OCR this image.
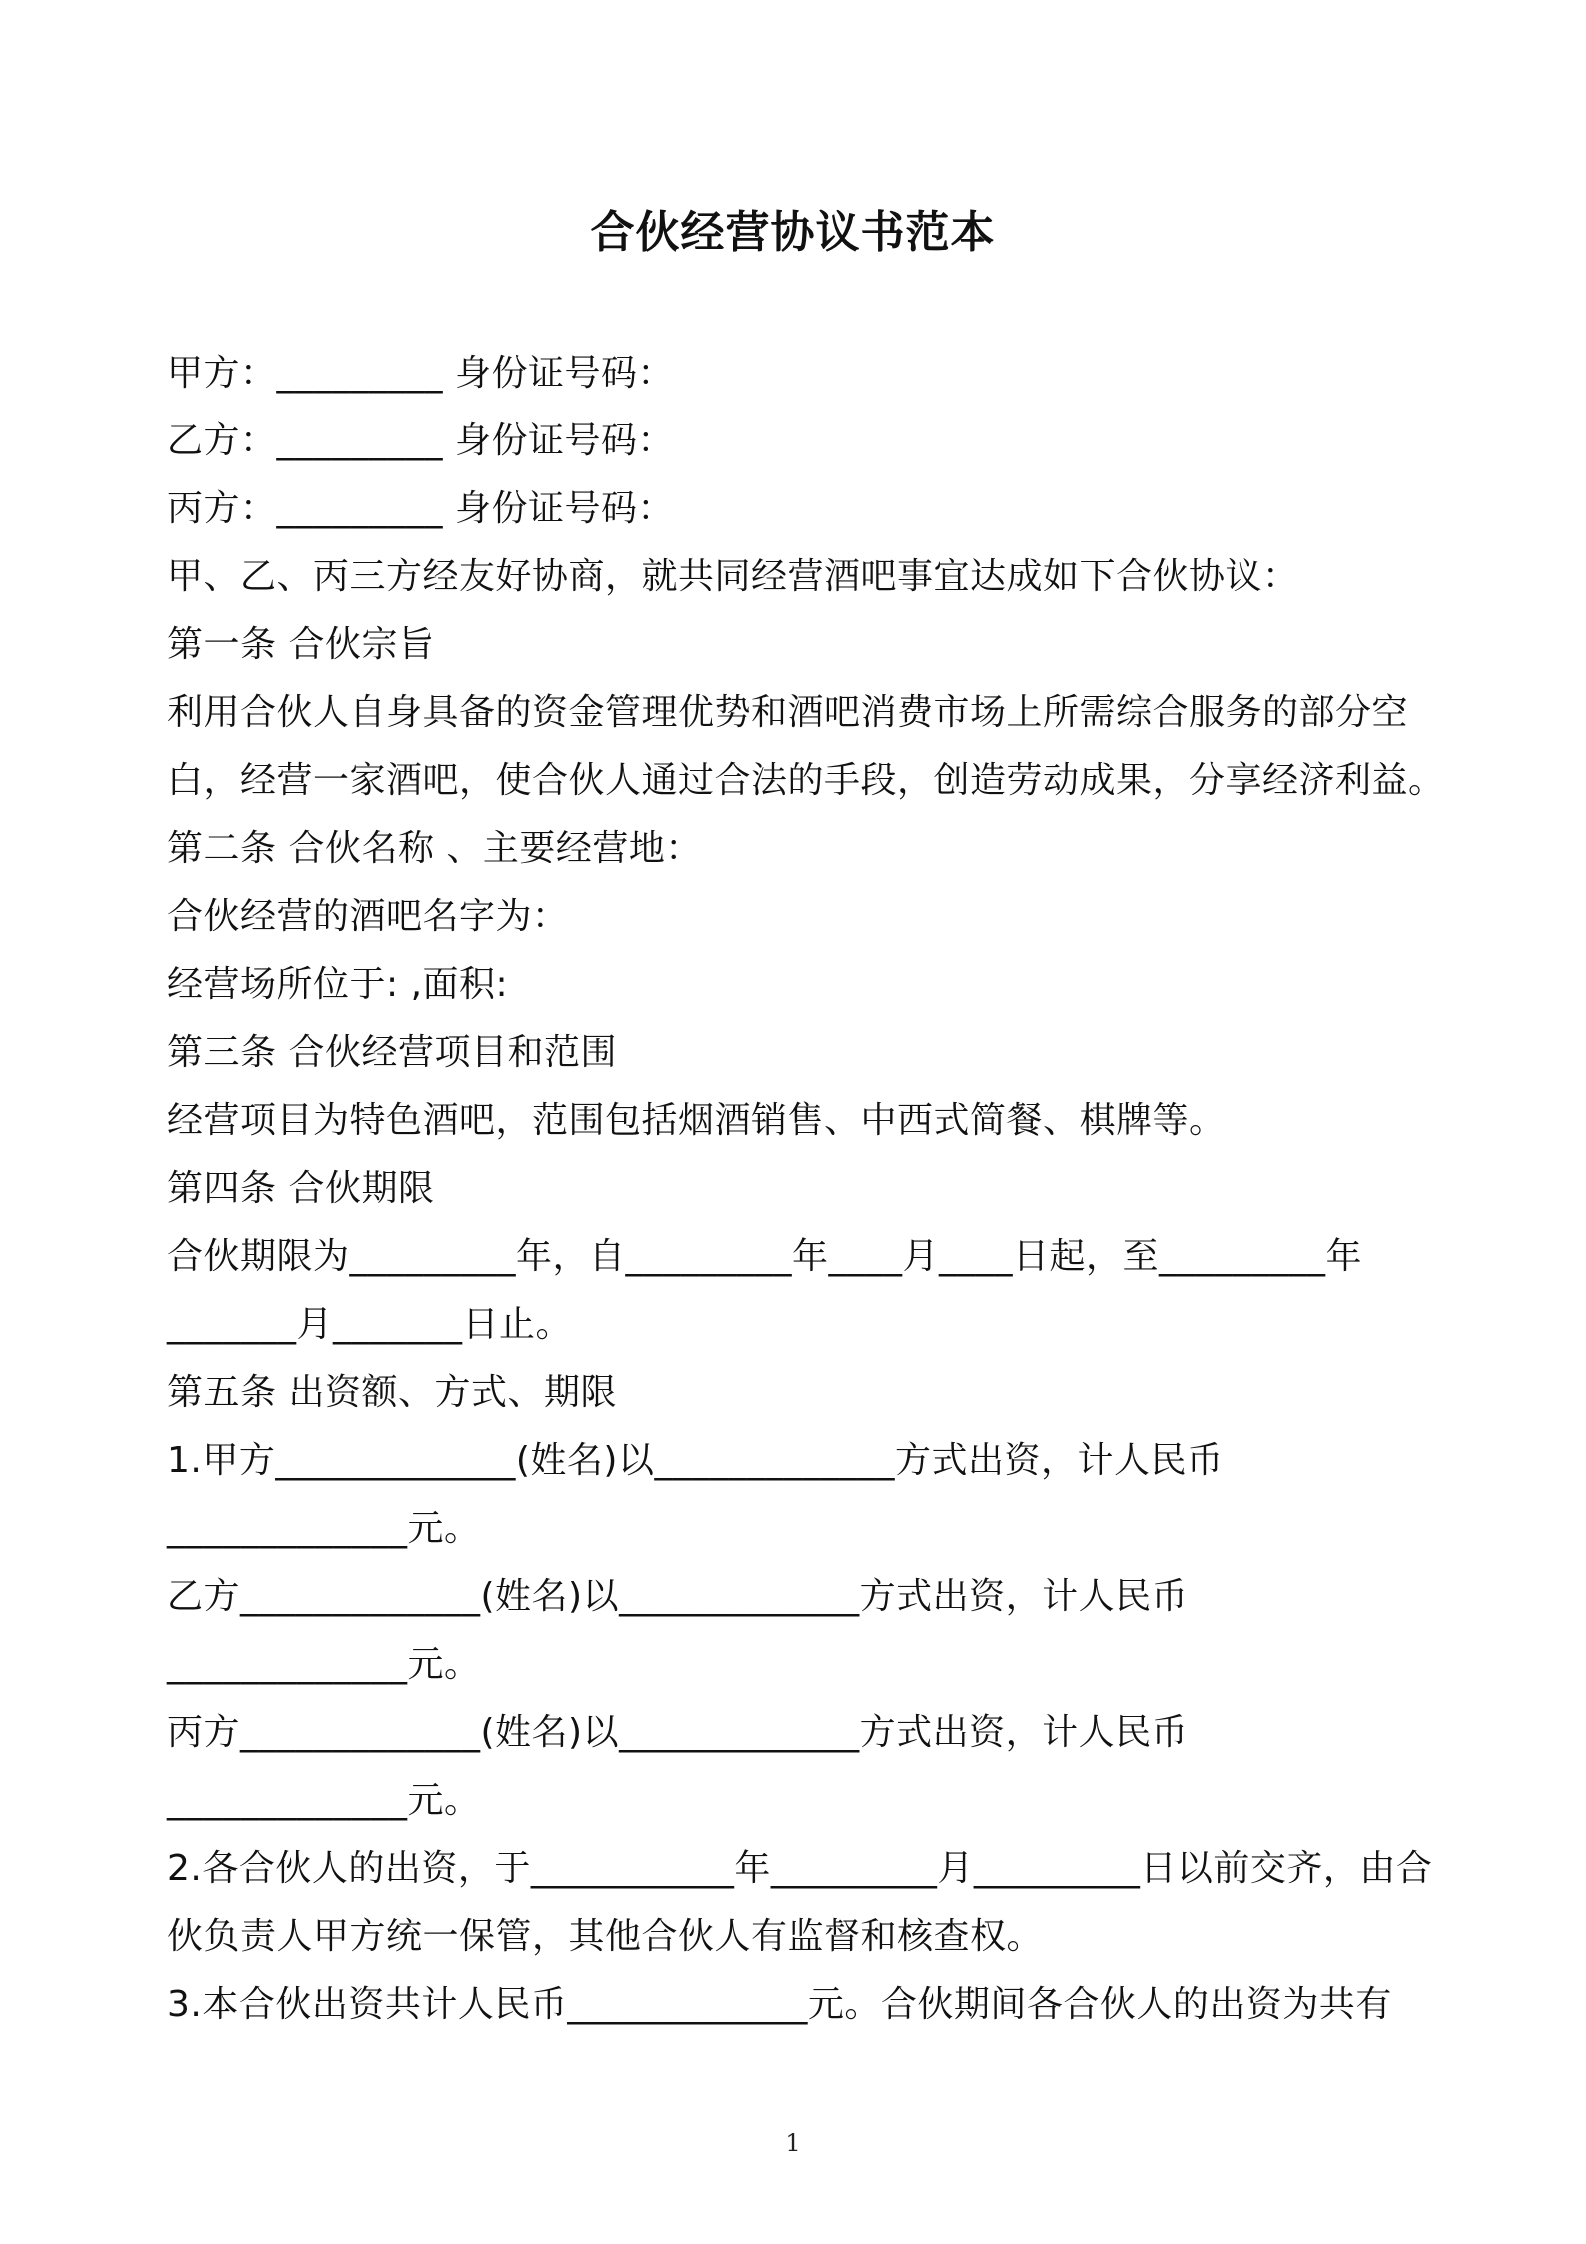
合伙经营协议书范本
甲方：_________ 身份证号码：
乙方：_________ 身份证号码：
丙方：_________ 身份证号码：
甲、乙、丙三方经友好协商，就共同经营酒吧事宜达成如下合伙协议：
第一条 合伙宗旨
利用合伙人自身具备的资金管理优势和酒吧消费市场上所需综合服务的部分空
白，经营一家酒吧，使合伙人通过合法的手段，创造劳动成果，分享经济利益。
第二条 合伙名称 、主要经营地：
合伙经营的酒吧名字为：
经营场所位于: ,面积:
第三条 合伙经营项目和范围
经营项目为特色酒吧，范围包括烟酒销售、中西式简餐、棋牌等。
第四条 合伙期限
合伙期限为_________年，自_________年____月____日起，至_________年
_______月_______日止。
第五条 出资额、方式、期限
1.甲方_____________(姓名)以_____________方式出资，计人民币
_____________元。
乙方_____________(姓名)以_____________方式出资，计人民币
_____________元。
丙方_____________(姓名)以_____________方式出资，计人民币
_____________元。
2.各合伙人的出资，于___________年_________月_________日以前交齐，由合
伙负责人甲方统一保管，其他合伙人有监督和核查权。
3.本合伙出资共计人民币_____________元。合伙期间各合伙人的出资为共有
1
